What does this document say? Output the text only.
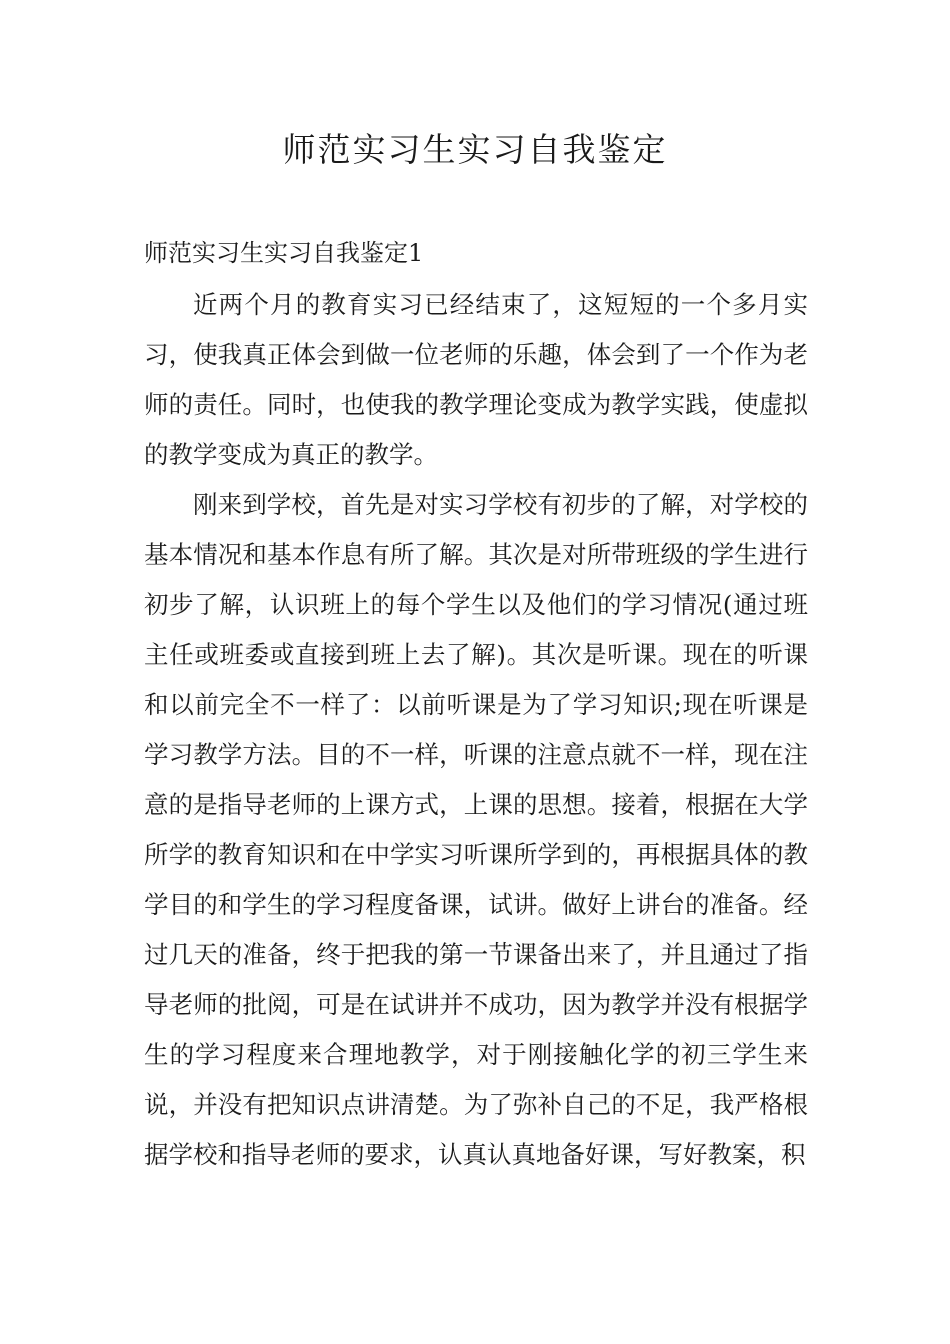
师范实习生实习自我鉴定

师范实习生实习自我鉴定1

近两个月的教育实习已经结束了，这短短的一个多月实习，使我真正体会到做一位老师的乐趣，体会到了一个作为老师的责任。同时，也使我的教学理论变成为教学实践，使虚拟的教学变成为真正的教学。

刚来到学校，首先是对实习学校有初步的了解，对学校的基本情况和基本作息有所了解。其次是对所带班级的学生进行初步了解，认识班上的每个学生以及他们的学习情况(通过班主任或班委或直接到班上去了解)。其次是听课。现在的听课和以前完全不一样了：以前听课是为了学习知识;现在听课是学习教学方法。目的不一样，听课的注意点就不一样，现在注意的是指导老师的上课方式，上课的思想。接着，根据在大学所学的教育知识和在中学实习听课所学到的，再根据具体的教学目的和学生的学习程度备课，试讲。做好上讲台的准备。经过几天的准备，终于把我的第一节课备出来了，并且通过了指导老师的批阅，可是在试讲并不成功，因为教学并没有根据学生的学习程度来合理地教学，对于刚接触化学的初三学生来说，并没有把知识点讲清楚。为了弥补自己的不足，我严格根据学校和指导老师的要求，认真认真地备好课，写好教案，积
